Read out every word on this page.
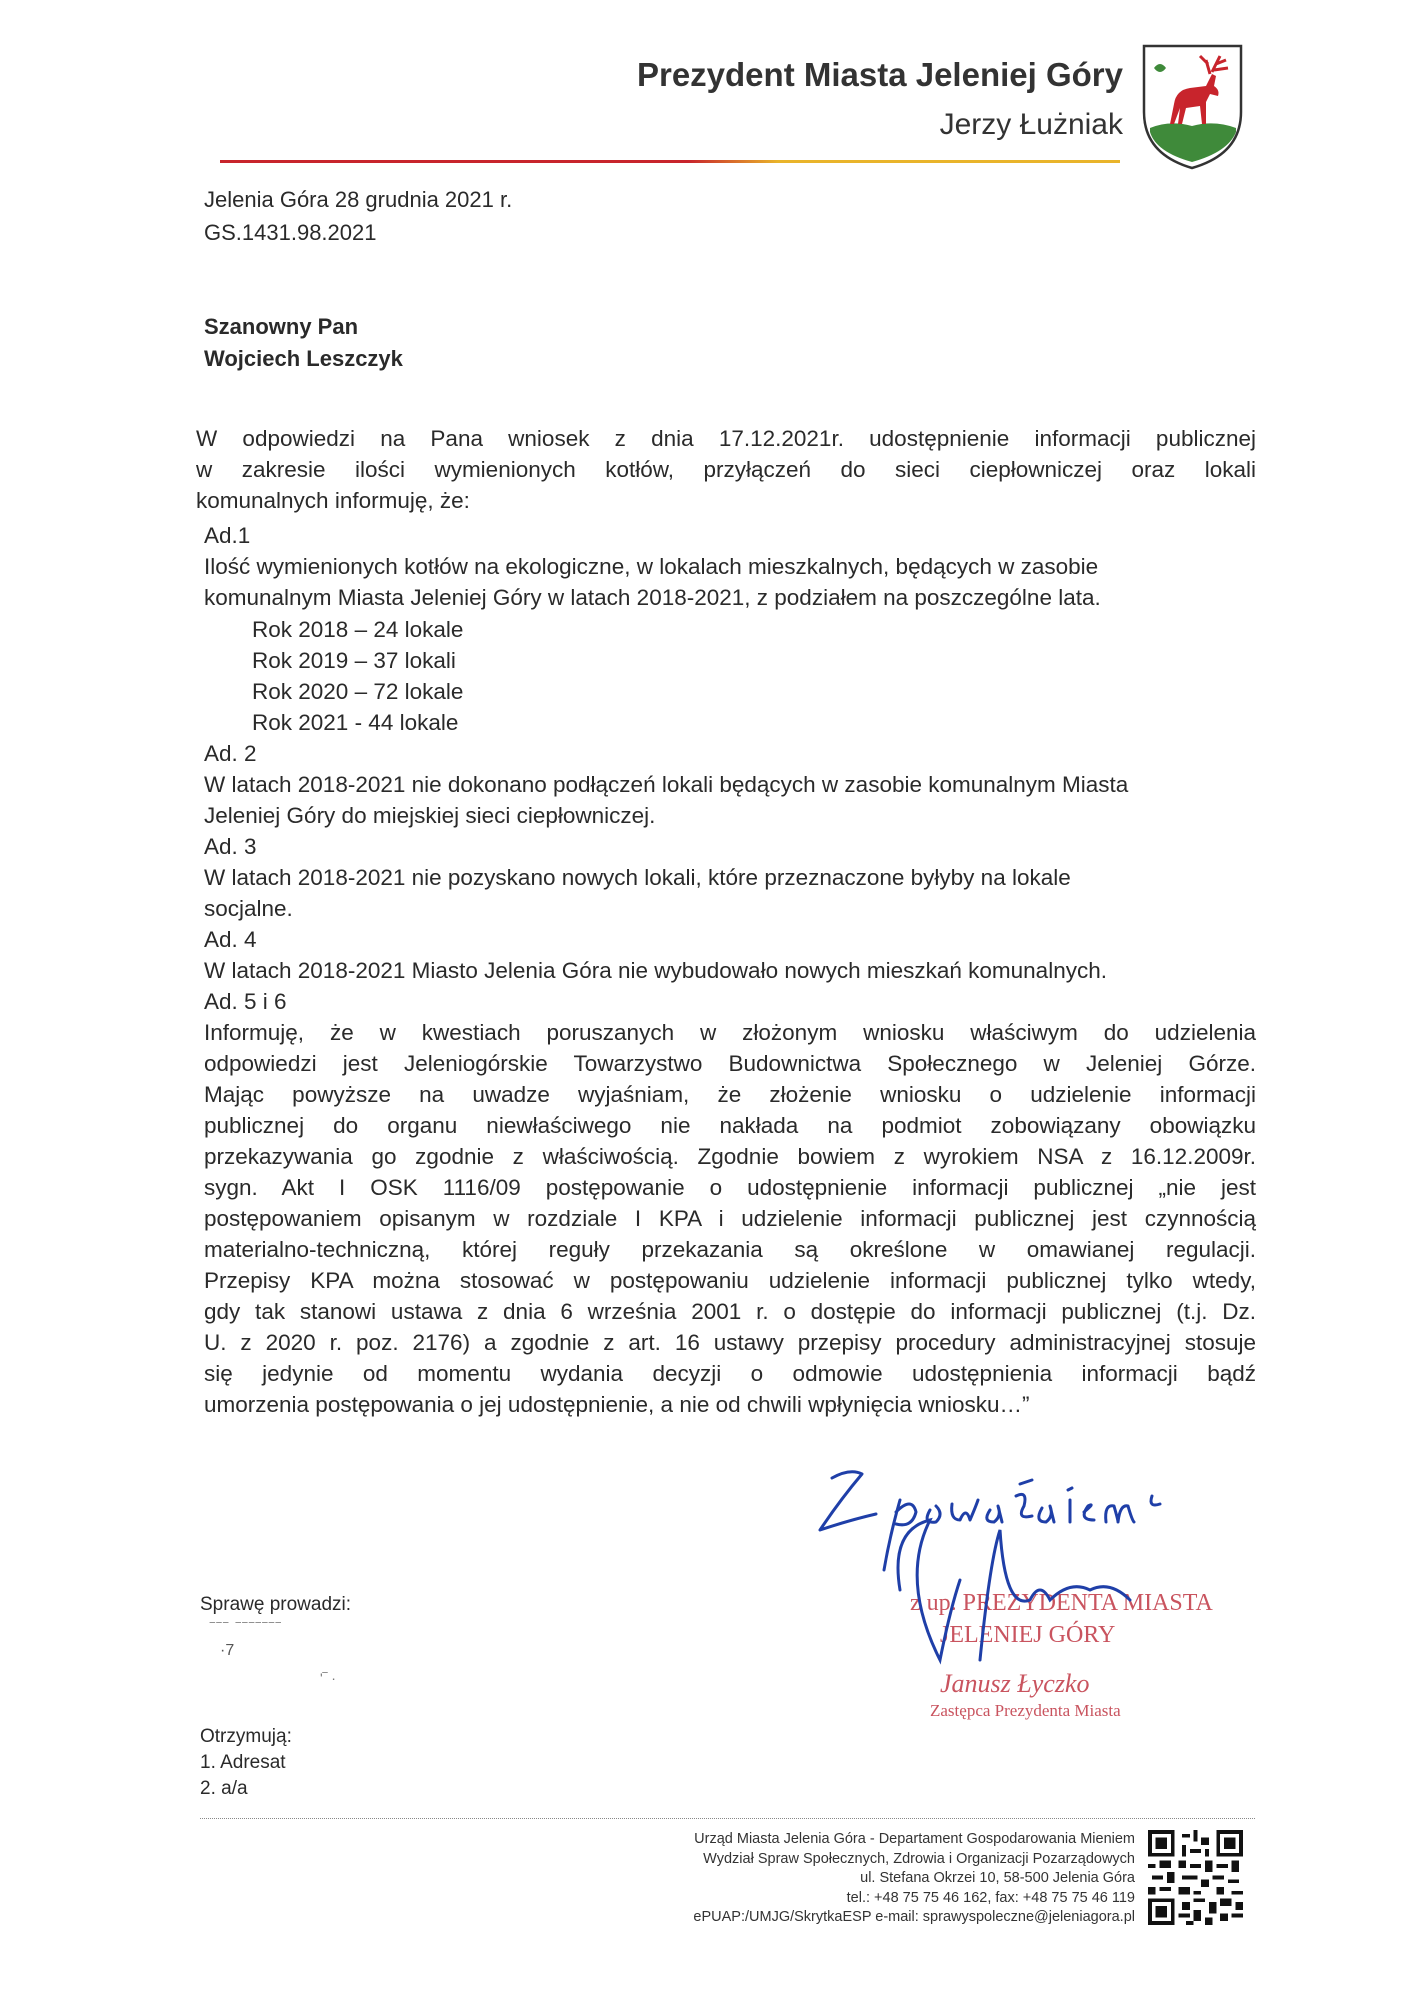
Prezydent Miasta Jeleniej Góry
Jerzy Łużniak
Jelenia Góra 28 grudnia 2021 r.
GS.1431.98.2021
Szanowny Pan
Wojciech Leszczyk
W odpowiedzi na Pana wniosek z dnia 17.12.2021r. udostępnienie informacji publicznej
w zakresie ilości wymienionych kotłów, przyłączeń do sieci ciepłowniczej oraz lokali
komunalnych informuję, że:
Ad.1
Ilość wymienionych kotłów na ekologiczne, w lokalach mieszkalnych, będących w zasobie
komunalnym Miasta Jeleniej Góry w latach 2018-2021, z podziałem na poszczególne lata.
Rok 2018 – 24 lokale
Rok 2019 – 37 lokali
Rok 2020 – 72 lokale
Rok 2021 - 44 lokale
Ad. 2
W latach 2018-2021 nie dokonano podłączeń lokali będących w zasobie komunalnym Miasta
Jeleniej Góry do miejskiej sieci ciepłowniczej.
Ad. 3
W latach 2018-2021 nie pozyskano nowych lokali, które przeznaczone byłyby na lokale
socjalne.
Ad. 4
W latach 2018-2021 Miasto Jelenia Góra nie wybudowało nowych mieszkań komunalnych.
Ad. 5 i 6
Informuję, że w kwestiach poruszanych w złożonym wniosku właściwym do udzielenia
odpowiedzi jest Jeleniogórskie Towarzystwo Budownictwa Społecznego w Jeleniej Górze.
Mając powyższe na uwadze wyjaśniam, że złożenie wniosku o udzielenie informacji
publicznej do organu niewłaściwego nie nakłada na podmiot zobowiązany obowiązku
przekazywania go zgodnie z właściwością. Zgodnie bowiem z wyrokiem NSA z 16.12.2009r.
sygn. Akt I OSK 1116/09 postępowanie o udostępnienie informacji publicznej „nie jest
postępowaniem opisanym w rozdziale I KPA i udzielenie informacji publicznej jest czynnością
materialno-techniczną, której reguły przekazania są określone w omawianej regulacji.
Przepisy KPA można stosować w postępowaniu udzielenie informacji publicznej tylko wtedy,
gdy tak stanowi ustawa z dnia 6 września 2001 r. o dostępie do informacji publicznej (t.j. Dz.
U. z 2020 r. poz. 2176) a zgodnie z art. 16 ustawy przepisy procedury administracyjnej stosuje
się jedynie od momentu wydania decyzji o odmowie udostępnienia informacji bądź
umorzenia postępowania o jej udostępnienie, a nie od chwili wpłynięcia wniosku…”
z up. PREZYDENTA MIASTA
JELENIEJ GÓRY
Janusz Łyczko
Zastępca Prezydenta Miasta
Sprawę prowadzi:
‾‾‾ ‾‾‾‾‾‾‾
·7
'‾ ·
Otrzymują:
1. Adresat
2. a/a
Urząd Miasta Jelenia Góra - Departament Gospodarowania Mieniem
Wydział Spraw Społecznych, Zdrowia i Organizacji Pozarządowych
ul. Stefana Okrzei 10, 58-500 Jelenia Góra
tel.: +48 75 75 46 162, fax: +48 75 75 46 119
ePUAP:/UMJG/SkrytkaESP e-mail: sprawyspoleczne@jeleniagora.pl
